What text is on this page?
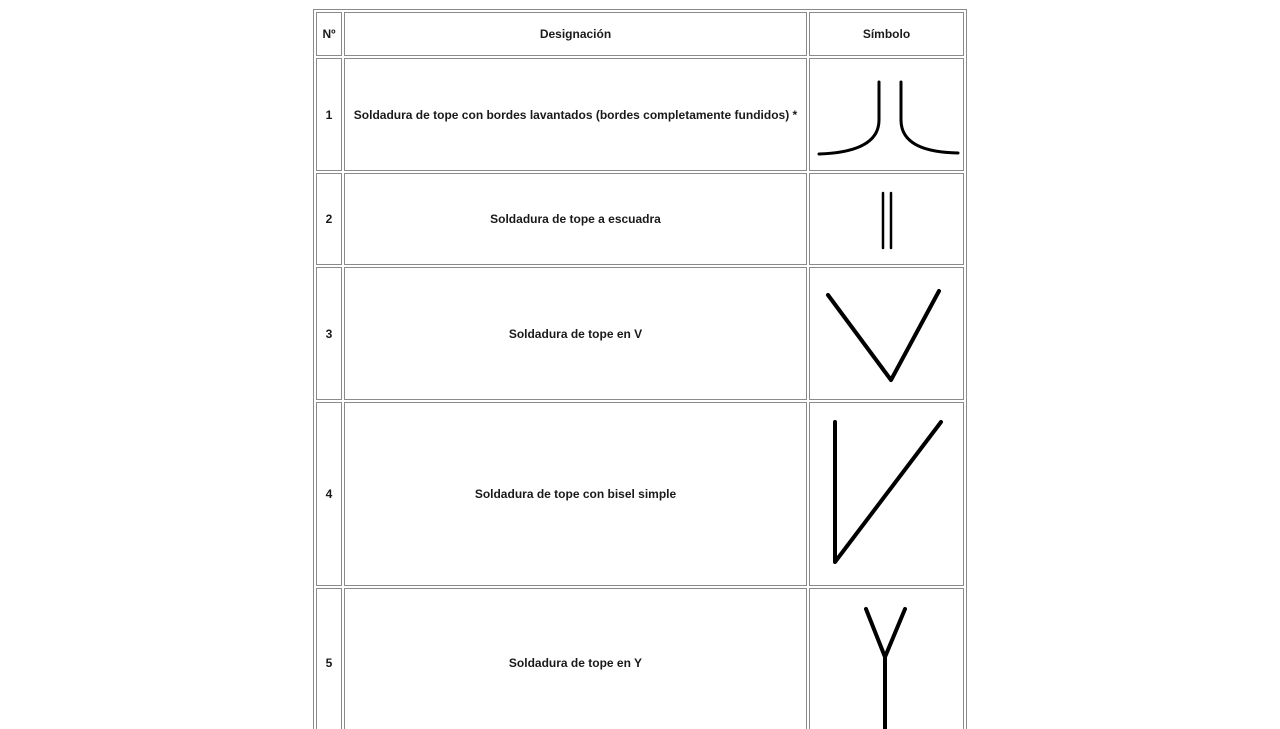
Nº	Designación	Símbolo
1 Soldadura de tope con bordes lavantados (bordes completamente fundidos) *
2	Soldadura de tope a escuadra
3	Soldadura de tope en V
4	Soldadura de tope con bisel simple
5	Soldadura de tope en Y
